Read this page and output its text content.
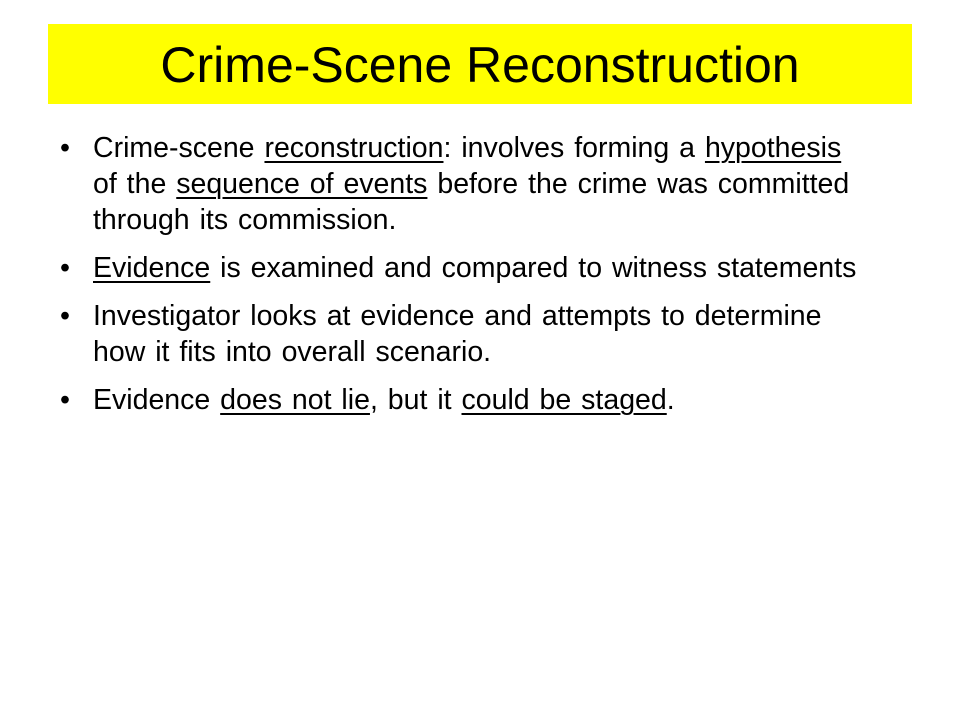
Crime-Scene Reconstruction
• Crime-scene reconstruction: involves forming a hypothesis of the sequence of events before the crime was committed through its commission.
• Evidence is examined and compared to witness statements
• Investigator looks at evidence and attempts to determine how it fits into overall scenario.
• Evidence does not lie, but it could be staged.
